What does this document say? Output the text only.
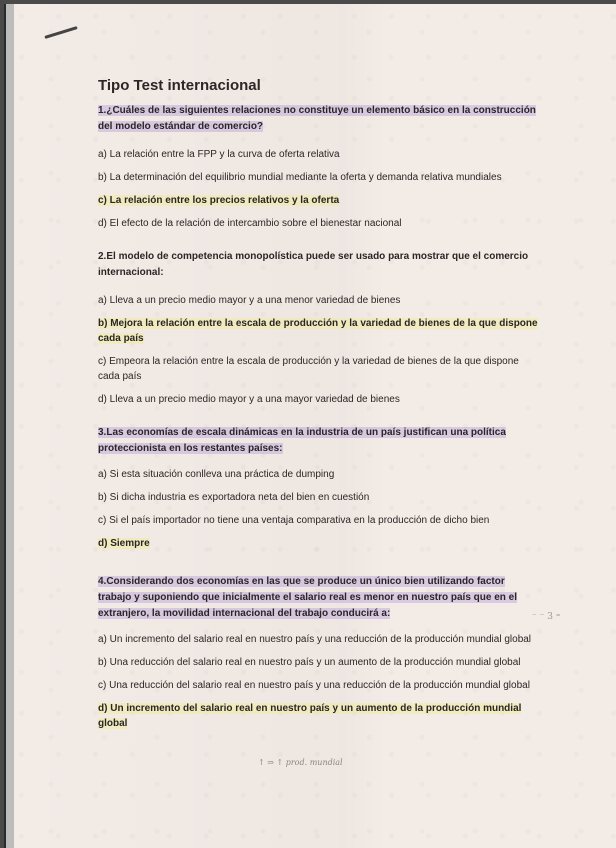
Tipo Test internacional

1.¿Cuáles de las siguientes relaciones no constituye un elemento básico en la construcción del modelo estándar de comercio?

a) La relación entre la FPP y la curva de oferta relativa

b) La determinación del equilibrio mundial mediante la oferta y demanda relativa mundiales

c) La relación entre los precios relativos y la oferta

d) El efecto de la relación de intercambio sobre el bienestar nacional

2.El modelo de competencia monopolística puede ser usado para mostrar que el comercio internacional:

a) Lleva a un precio medio mayor y a una menor variedad de bienes

b) Mejora la relación entre la escala de producción y la variedad de bienes de la que dispone cada país

c) Empeora la relación entre la escala de producción y la variedad de bienes de la que dispone cada país

d) Lleva a un precio medio mayor y a una mayor variedad de bienes

3.Las economías de escala dinámicas en la industria de un país justifican una política proteccionista en los restantes países:

a) Si esta situación conlleva una práctica de dumping

b) Si dicha industria es exportadora neta del bien en cuestión

c) Si el país importador no tiene una ventaja comparativa en la producción de dicho bien

d) Siempre

4.Considerando dos economías en las que se produce un único bien utilizando factor trabajo y suponiendo que inicialmente el salario real es menor en nuestro país que en el extranjero, la movilidad internacional del trabajo conducirá a:

a) Un incremento del salario real en nuestro país y una reducción de la producción mundial global

b) Una reducción del salario real en nuestro país y un aumento de la producción mundial global

c) Una reducción del salario real en nuestro país y una reducción de la producción mundial global

d) Un incremento del salario real en nuestro país y un aumento de la producción mundial global

↑ ⇒ ↑ prod. mundial
⁻ ⁻ 3 ⁼
